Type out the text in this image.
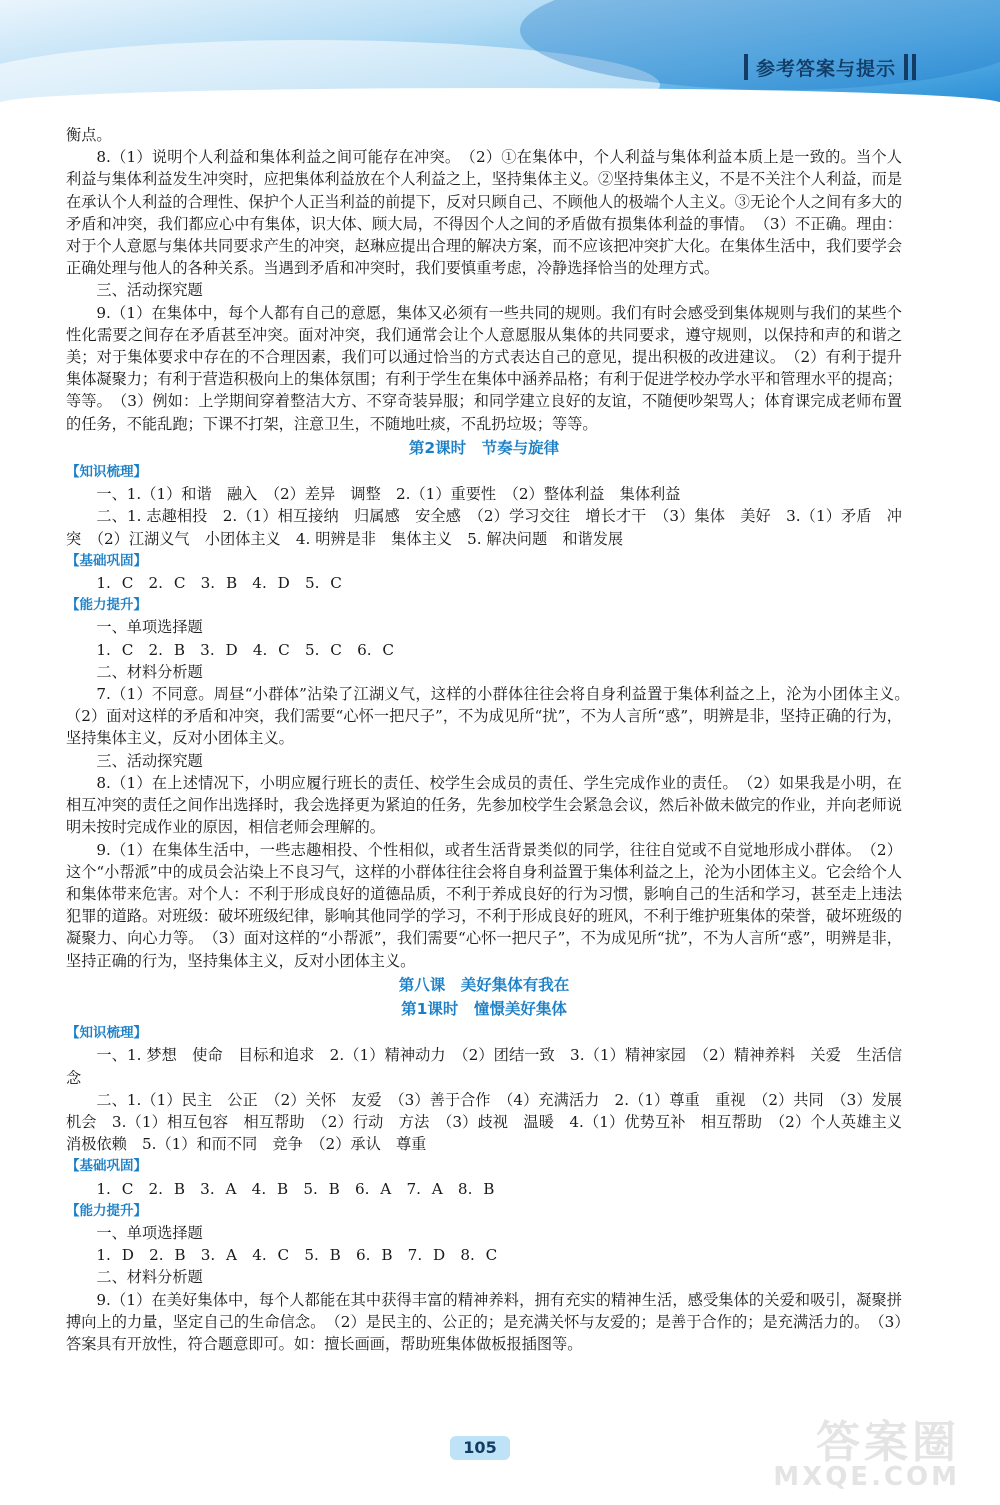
参考答案与提示

衡点。

8.（1）说明个人利益和集体利益之间可能存在冲突。　（2）①在集体中，个人利益与集体利益本质上是一致的。当个人利益与集体利益发生冲突时，应把集体利益放在个人利益之上，坚持集体主义。②坚持集体主义，不是不关注个人利益，而是在承认个人利益的合理性、保护个人正当利益的前提下，反对只顾自己、不顾他人的极端个人主义。③无论个人之间有多大的矛盾和冲突，我们都应心中有集体，识大体、顾大局，不得因个人之间的矛盾做有损集体利益的事情。　（3）不正确。理由：对于个人意愿与集体共同要求产生的冲突，赵琳应提出合理的解决方案，而不应该把冲突扩大化。在集体生活中，我们要学会正确处理与他人的各种关系。当遇到矛盾和冲突时，我们要慎重考虑，冷静选择恰当的处理方式。

三、活动探究题

9.（1）在集体中，每个人都有自己的意愿，集体又必须有一些共同的规则。我们有时会感受到集体规则与我们的某些个性化需要之间存在矛盾甚至冲突。面对冲突，我们通常会让个人意愿服从集体的共同要求，遵守规则，以保持和声的和谐之美；对于集体要求中存在的不合理因素，我们可以通过恰当的方式表达自己的意见，提出积极的改进建议。　（2）有利于提升集体凝聚力；有利于营造积极向上的集体氛围；有利于学生在集体中涵养品格；有利于促进学校办学水平和管理水平的提高；等等。　（3）例如：上学期间穿着整洁大方、不穿奇装异服；和同学建立良好的友谊，不随便吵架骂人；体育课完成老师布置的任务，不能乱跑；下课不打架，注意卫生，不随地吐痰，不乱扔垃圾；等等。

第2课时　节奏与旋律

【知识梳理】

一、1.（1）和谐　融入　（2）差异　调整　2.（1）重要性　（2）整体利益　集体利益

二、1. 志趣相投　2.（1）相互接纳　归属感　安全感　（2）学习交往　增长才干　（3）集体　美好　3.（1）矛盾　冲突　（2）江湖义气　小团体主义　4. 明辨是非　集体主义　5. 解决问题　和谐发展

【基础巩固】

1. C　2. C　3. B　4. D　5. C

【能力提升】

一、单项选择题

1. C　2. B　3. D　4. C　5. C　6. C

二、材料分析题

7.（1）不同意。周昼“小群体”沾染了江湖义气，这样的小群体往往会将自身利益置于集体利益之上，沦为小团体主义。　（2）面对这样的矛盾和冲突，我们需要“心怀一把尺子”，不为成见所“扰”，不为人言所“惑”，明辨是非，坚持正确的行为，坚持集体主义，反对小团体主义。

三、活动探究题

8.（1）在上述情况下，小明应履行班长的责任、校学生会成员的责任、学生完成作业的责任。　（2）如果我是小明，在相互冲突的责任之间作出选择时，我会选择更为紧迫的任务，先参加校学生会紧急会议，然后补做未做完的作业，并向老师说明未按时完成作业的原因，相信老师会理解的。

9.（1）在集体生活中，一些志趣相投、个性相似，或者生活背景类似的同学，往往自觉或不自觉地形成小群体。　（2）这个“小帮派”中的成员会沾染上不良习气，这样的小群体往往会将自身利益置于集体利益之上，沦为小团体主义。它会给个人和集体带来危害。对个人：不利于形成良好的道德品质，不利于养成良好的行为习惯，影响自己的生活和学习，甚至走上违法犯罪的道路。对班级：破坏班级纪律，影响其他同学的学习，不利于形成良好的班风，不利于维护班集体的荣誉，破坏班级的凝聚力、向心力等。　（3）面对这样的“小帮派”，我们需要“心怀一把尺子”，不为成见所“扰”，不为人言所“惑”，明辨是非，坚持正确的行为，坚持集体主义，反对小团体主义。

第八课　美好集体有我在

第1课时　憧憬美好集体

【知识梳理】

一、1. 梦想　使命　目标和追求　2.（1）精神动力　（2）团结一致　3.（1）精神家园　（2）精神养料　关爱　生活信念

二、1.（1）民主　公正　（2）关怀　友爱　（3）善于合作　（4）充满活力　2.（1）尊重　重视　（2）共同　（3）发展机会　3.（1）相互包容　相互帮助　（2）行动　方法　（3）歧视　温暖　4.（1）优势互补　相互帮助　（2）个人英雄主义　消极依赖　5.（1）和而不同　竞争　（2）承认　尊重

【基础巩固】

1. C　2. B　3. A　4. B　5. B　6. A　7. A　8. B

【能力提升】

一、单项选择题

1. D　2. B　3. A　4. C　5. B　6. B　7. D　8. C

二、材料分析题

9.（1）在美好集体中，每个人都能在其中获得丰富的精神养料，拥有充实的精神生活，感受集体的关爱和吸引，凝聚拼搏向上的力量，坚定自己的生命信念。　（2）是民主的、公正的；是充满关怀与友爱的；是善于合作的；是充满活力的。　（3）答案具有开放性，符合题意即可。如：擅长画画，帮助班集体做板报插图等。

105	答案圈
MXQE.COM
